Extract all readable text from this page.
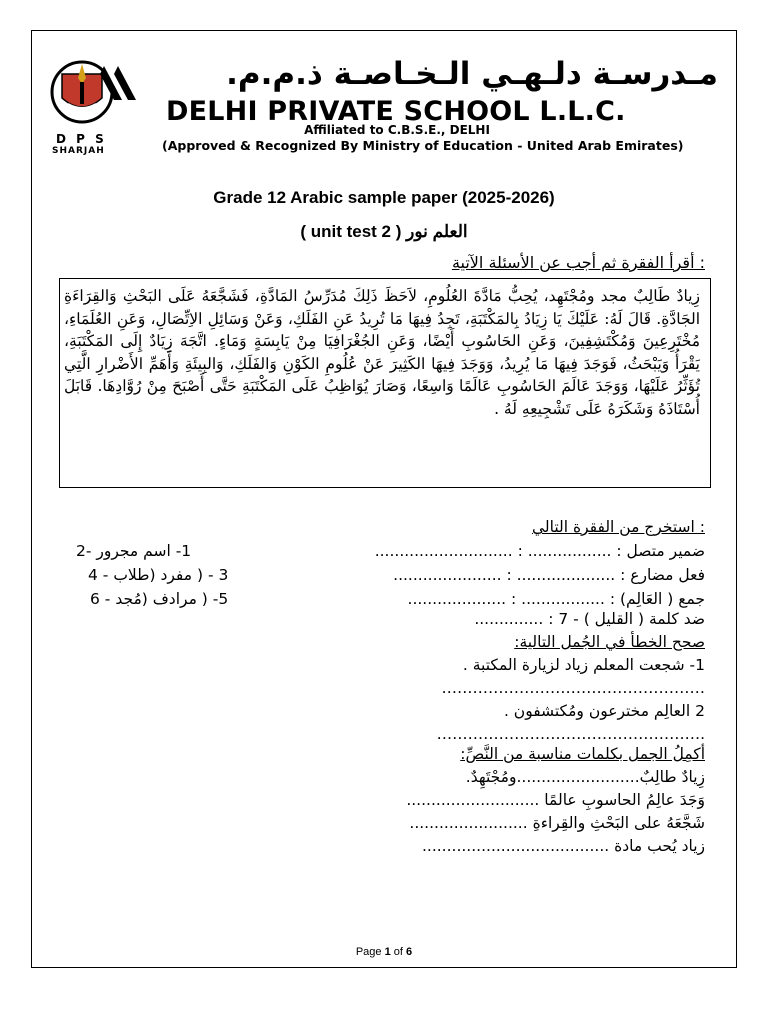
D P S
SHARJAH
مـدرسـة دلـهـي الـخـاصـة ذ.م.م.
DELHI PRIVATE SCHOOL L.L.C.
Affiliated to C.B.S.E., DELHI
(Approved & Recognized By Ministry of Education - United Arab Emirates)
Grade 12 Arabic sample paper (2025-2026)
( unit test 2 ) العلم نور
: أقرأ الفقرة ثم أجب عن الأسئلة الآتية
زِيادٌ طَالِبٌ مجد ومُجْتَهِد، يُحِبُّ مَادَّةَ العُلُومِ، لاَحَظَ ذَلِكَ مُدَرِّسُ المَادَّةِ، فَشَجَّعَهُ عَلَى البَحْثِ وَالقِرَاءَةِ الجَادَّةِ. قَالَ لَهُ: عَلَيْكَ يَا زِيَادُ بِالمَكْتَبَةِ، تَجِدُ فِيهَا مَا تُرِيدُ عَنِ الفَلَكِ، وَعَنْ وَسَائِلِ الاِتِّصَالِ، وَعَنِ العُلَمَاءِ، مُخْتَرِعِينَ وَمُكْتَشِفِينَ، وَعَنِ الحَاسُوبِ أَيْضًا، وَعَنِ الجُغْرَافِيَا مِنْ يَابِسَةٍ وَمَاءٍ. اتَّجَهَ زِيَادٌ إِلَى المَكْتَبَةِ، يَقْرَأُ وَيَبْحَثُ، فَوَجَدَ فِيهَا مَا يُرِيدُ، وَوَجَدَ فِيهَا الكَثِيرَ عَنْ عُلُومِ الكَوْنِ وَالفَلَكِ، وَالبِيئَةِ وَأَهَمِّ الأَضْرارِ الَّتِي تُؤَثِّرُ عَلَيْهَا، وَوَجَدَ عَالَمَ الحَاسُوبِ عَالَمًا وَاسِعًا، وَصَارَ يُوَاظِبُ عَلَى المَكْتَبَةِ حَتَّى أَصْبَحَ مِنْ رُوَّادِهَا. قَابَلَ أُسْتَاذَهُ وَشَكَرَهُ عَلَى تَشْجِيعِهِ لَهُ .
: استخرج من الفقرة التالي
ضمير متصل : ................. : ............................
1- اسم مجرور -2
فعل مضارع : .................... : ......................
3 - ( مفرد (طلاب - 4
جمع ( العَالِم) : ................. : ....................
5- ( مرادف (مُجد - 6
ضد كلمة ( القليل ) - 7 : ..............
صحح الخطأ في الجُمل التالية:
1- شجعت المعلم زياد لزيارة المكتبة .
……………………………………………
2 العالِم مخترعون ومُكتشفون .
…………………………………………….
أكمِلُ الجمل بكلمات مناسبة من النَّصِّ:
زِيادٌ طالِبٌ.........................ومُجْتَهِدٌ.
وَجَدَ عالِمُ الحاسوبِ عالمًا ...........................
شَجَّعَهُ على البَحْثِ والقِراءةِ ........................
زياد يُحب مادة ......................................
Page 1 of 6
